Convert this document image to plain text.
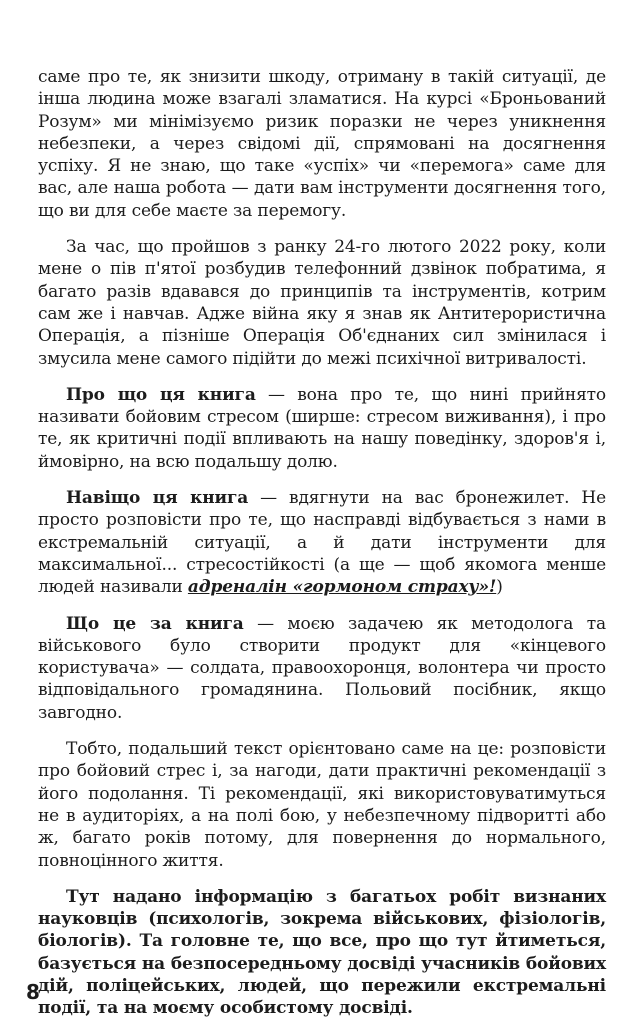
саме про те, як знизити шкоду, отриману в такій ситуації, де інша людина може взагалі зламатися. На курсі «Броньований Розум» ми мінімізуємо ризик поразки не через уникнення небезпеки, а через свідомі дії, спрямовані на досягнення успіху. Я не знаю, що таке «успіх» чи «перемога» саме для вас, але наша робота — дати вам інструменти досягнення того, що ви для себе маєте за перемогу.

За час, що пройшов з ранку 24-го лютого 2022 року, коли мене о пів п'ятої розбудив телефонний дзвінок побратима, я багато разів вдавався до принципів та інструментів, котрим сам же і навчав. Адже війна яку я знав як Антитерористична Операція, а пізніше Операція Об'єднаних сил змінилася і змусила мене самого підійти до межі психічної витривалості.

Про що ця книга — вона про те, що нині прийнято називати бойовим стресом (ширше: стресом виживання), і про те, як критичні події впливають на нашу поведінку, здоров'я і, ймовірно, на всю подальшу долю.

Навіщо ця книга — вдягнути на вас бронежилет. Не просто розповісти про те, що насправді відбувається з нами в екстремальній ситуації, а й дати інструменти для максимальної... стресостійкості (а ще — щоб якомога менше людей називали адреналін «гормоном страху»!)

Що це за книга — моєю задачею як методолога та військового було створити продукт для «кінцевого користувача» — солдата, правоохоронця, волонтера чи просто відповідального громадянина. Польовий посібник, якщо завгодно.

Тобто, подальший текст орієнтовано саме на це: розповісти про бойовий стрес і, за нагоди, дати практичні рекомендації з його подолання. Ті рекомендації, які використовуватимуться не в аудиторіях, а на полі бою, у небезпечному підвориттi або ж, багато років потому, для повернення до нормального, повноцінного життя.

Тут надано інформацію з багатьох робіт визнаних науковців (психологів, зокрема військових, фізіологів, біологів). Та головне те, що все, про що тут йтиметься, базується на безпосередньому досвіді учасників бойових дій, поліцейських, людей, що пережили екстремальні події, та на моєму особистому досвіді.

8
